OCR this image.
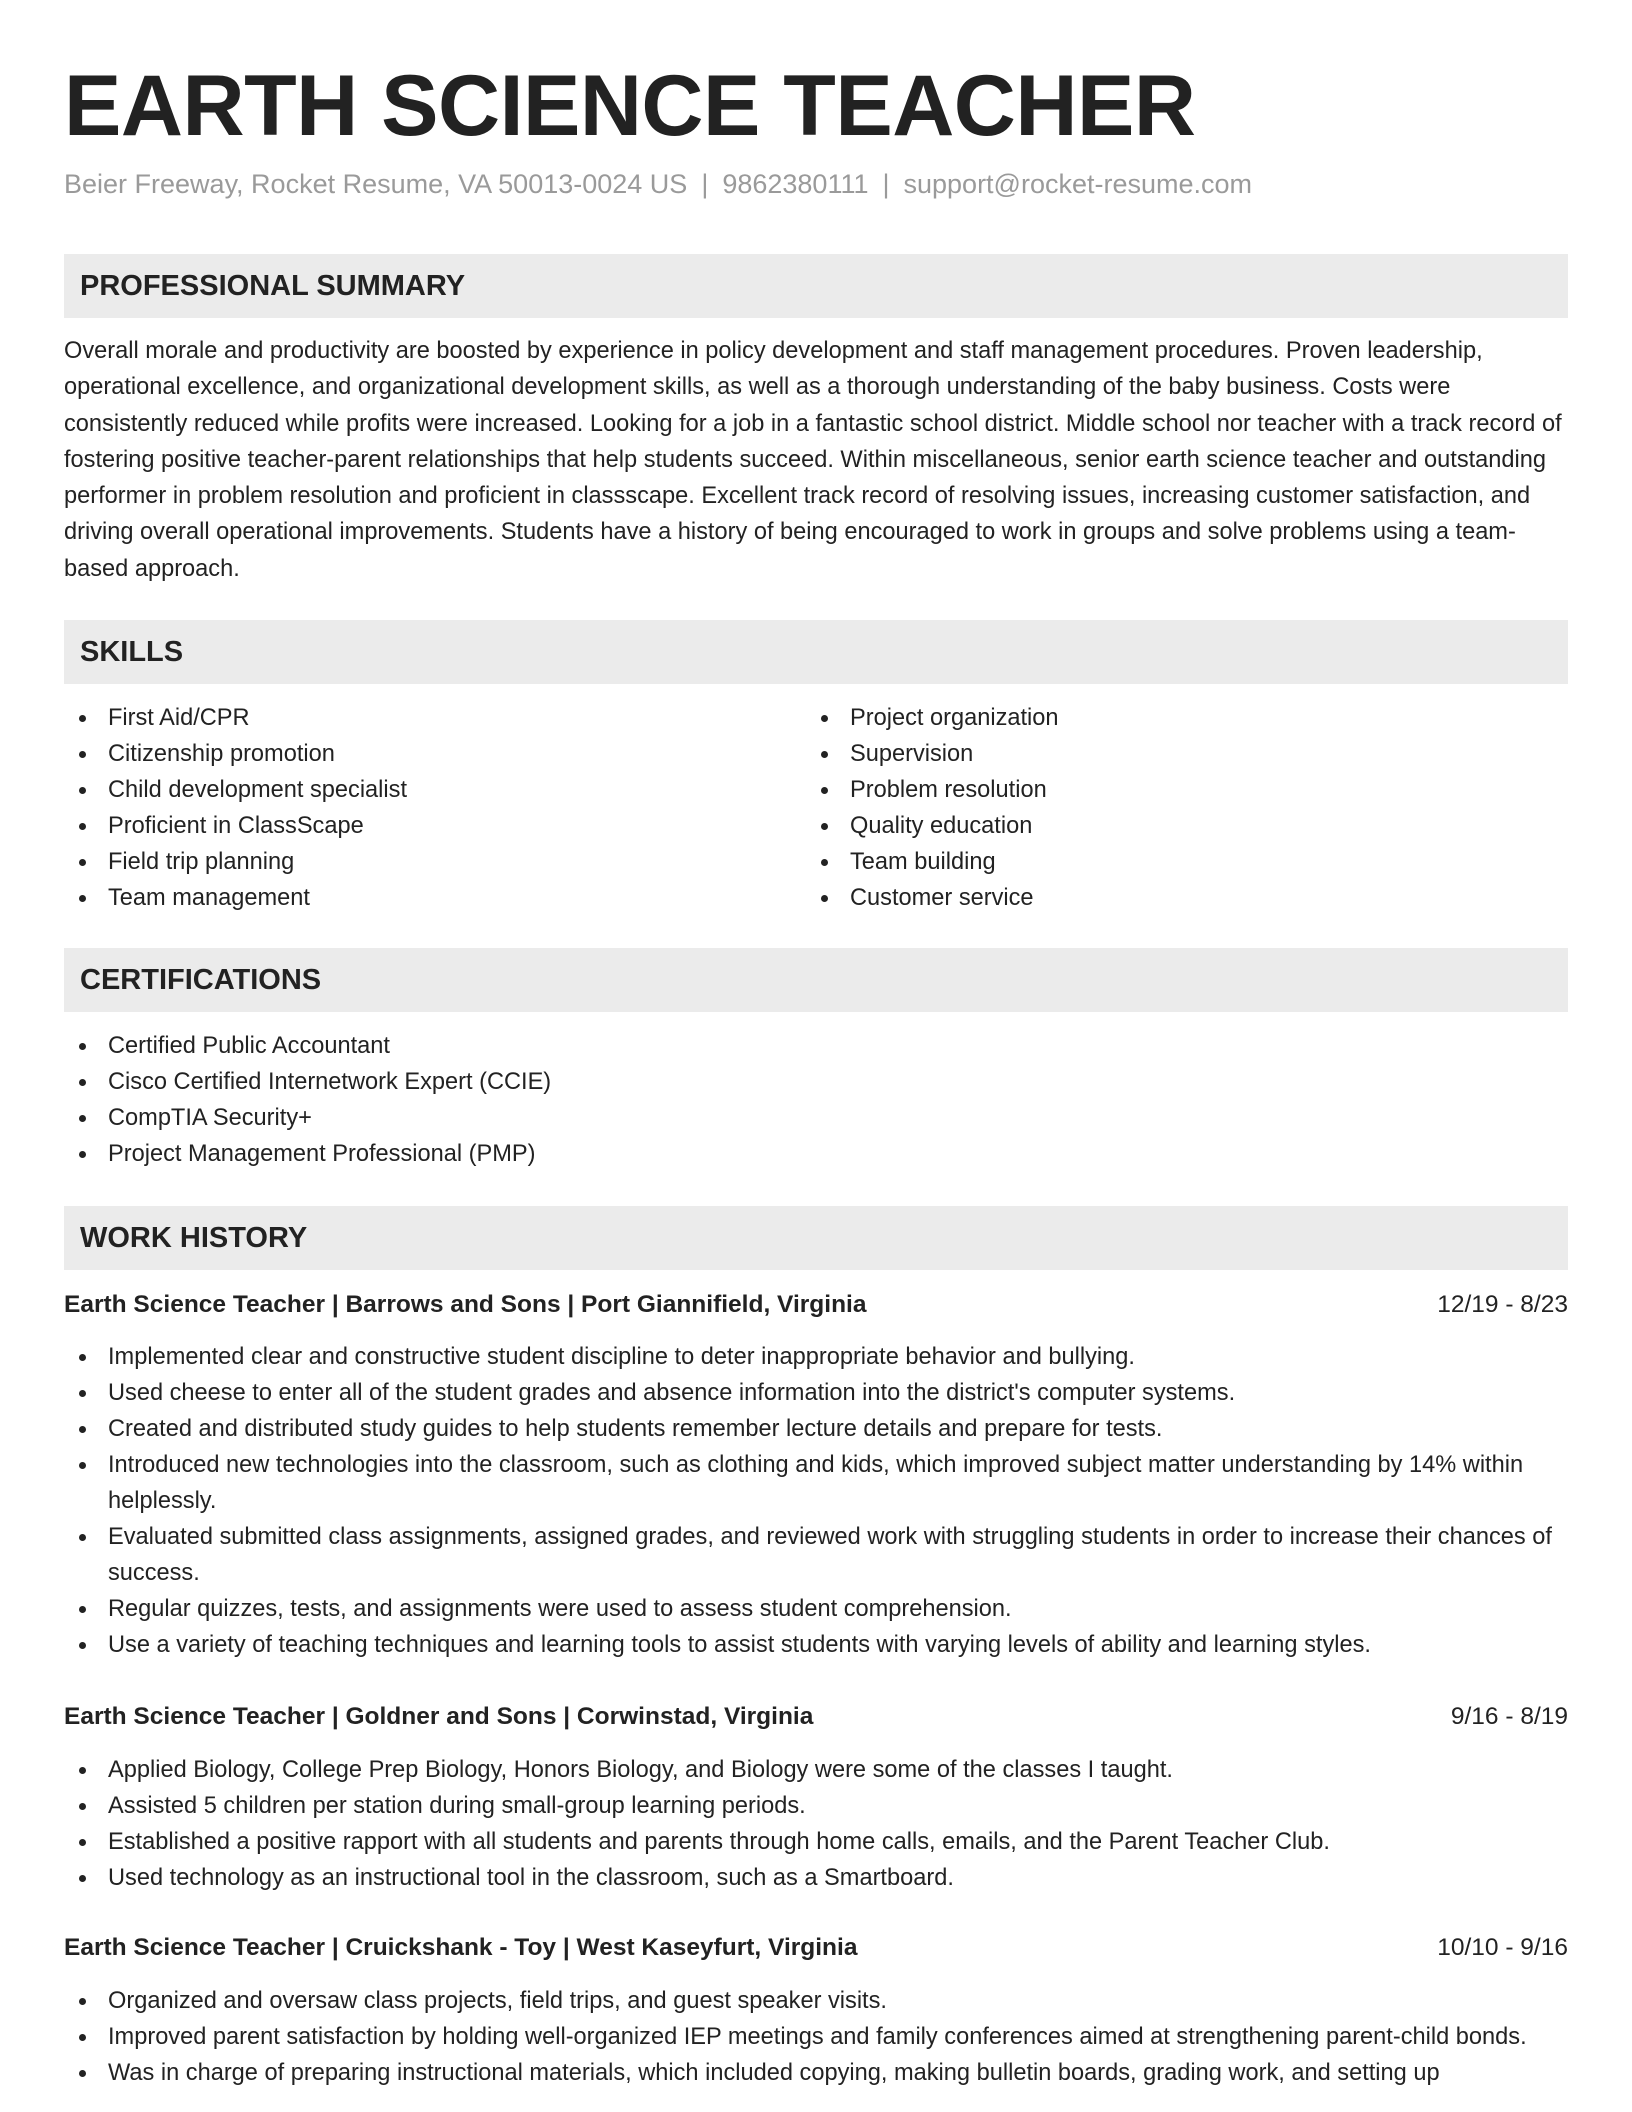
EARTH SCIENCE TEACHER
Beier Freeway, Rocket Resume, VA 50013-0024 US | 9862380111 | support@rocket-resume.com
PROFESSIONAL SUMMARY

Overall morale and productivity are boosted by experience in policy development and staff management procedures. Proven leadership, operational excellence, and organizational development skills, as well as a thorough understanding of the baby business. Costs were consistently reduced while profits were increased. Looking for a job in a fantastic school district. Middle school nor teacher with a track record of fostering positive teacher-parent relationships that help students succeed. Within miscellaneous, senior earth science teacher and outstanding performer in problem resolution and proficient in classscape. Excellent track record of resolving issues, increasing customer satisfaction, and driving overall operational improvements. Students have a history of being encouraged to work in groups and solve problems using a team-based approach.

SKILLS
First Aid/CPR
Citizenship promotion
Child development specialist
Proficient in ClassScape
Field trip planning
Team management
Project organization
Supervision
Problem resolution
Quality education
Team building
Customer service
CERTIFICATIONS
Certified Public Accountant
Cisco Certified Internetwork Expert (CCIE)
CompTIA Security+
Project Management Professional (PMP)
WORK HISTORY
Earth Science Teacher | Barrows and Sons | Port Giannifield, Virginia	12/19 - 8/23
Implemented clear and constructive student discipline to deter inappropriate behavior and bullying.
Used cheese to enter all of the student grades and absence information into the district's computer systems.
Created and distributed study guides to help students remember lecture details and prepare for tests.
Introduced new technologies into the classroom, such as clothing and kids, which improved subject matter understanding by 14% within helplessly.
Evaluated submitted class assignments, assigned grades, and reviewed work with struggling students in order to increase their chances of success.
Regular quizzes, tests, and assignments were used to assess student comprehension.
Use a variety of teaching techniques and learning tools to assist students with varying levels of ability and learning styles.
Earth Science Teacher | Goldner and Sons | Corwinstad, Virginia	9/16 - 8/19
Applied Biology, College Prep Biology, Honors Biology, and Biology were some of the classes I taught.
Assisted 5 children per station during small-group learning periods.
Established a positive rapport with all students and parents through home calls, emails, and the Parent Teacher Club.
Used technology as an instructional tool in the classroom, such as a Smartboard.
Earth Science Teacher | Cruickshank - Toy | West Kaseyfurt, Virginia	10/10 - 9/16
Organized and oversaw class projects, field trips, and guest speaker visits.
Improved parent satisfaction by holding well-organized IEP meetings and family conferences aimed at strengthening parent-child bonds.
Was in charge of preparing instructional materials, which included copying, making bulletin boards, grading work, and setting up
